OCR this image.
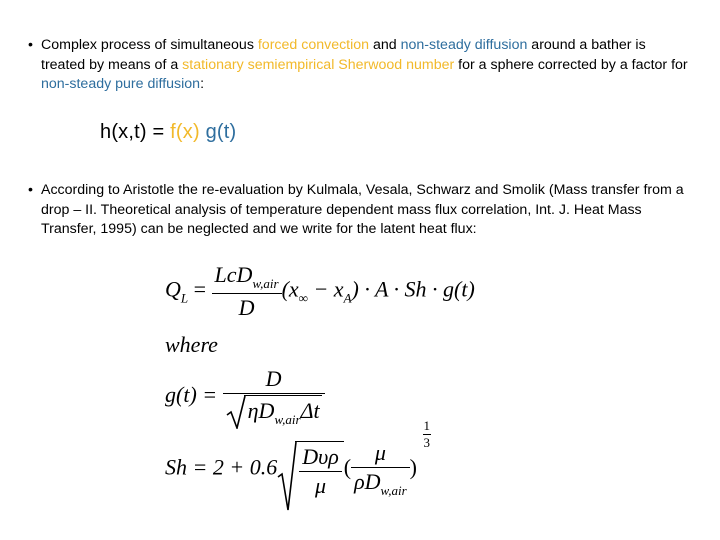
• Complex process of simultaneous forced convection and non-steady diffusion around a bather is treated by means of a stationary semiempirical Sherwood number for a sphere corrected by a factor for non-steady pure diffusion:
h(x,t) = f(x) g(t)
• According to Aristotle the re-evaluation by Kulmala, Vesala, Schwarz and Smolik (Mass transfer from a drop – II. Theoretical analysis of temperature dependent mass flux correlation, Int. J. Heat Mass Transfer, 1995) can be neglected and we write for the latent heat flux:
$Q_L = \frac{LcD_{w,air}}{D} (x_\infty - x_A) \cdot A \cdot Sh \cdot g(t)$
where
$g(t) = \frac{D}{\eta D_{w,air}\Delta t}$
$Sh = 2 + 0.6 \frac{\text{Dυρ}}{\mu}$ ( $\frac{\mu}{\rho D_{w,air}}$ )
$\frac{1}{3}$
